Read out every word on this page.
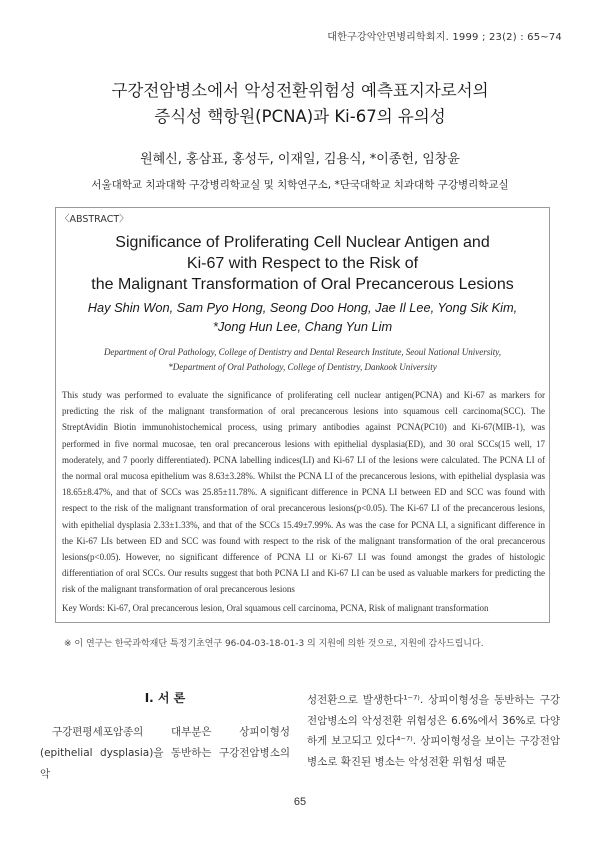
대한구강악안면병리학회지. 1999 ; 23(2) : 65~74
구강전암병소에서 악성전환위험성 예측표지자로서의
증식성 핵항원(PCNA)과 Ki-67의 유의성
원혜신, 홍삼표, 홍성두, 이재일, 김용식, *이종헌, 임창윤
서울대학교 치과대학 구강병리학교실 및 치학연구소, *단국대학교 치과대학 구강병리학교실
〈ABSTRACT〉
Significance of Proliferating Cell Nuclear Antigen and
Ki-67 with Respect to the Risk of
the Malignant Transformation of Oral Precancerous Lesions
Hay Shin Won, Sam Pyo Hong, Seong Doo Hong, Jae Il Lee, Yong Sik Kim,
*Jong Hun Lee, Chang Yun Lim
Department of Oral Pathology, College of Dentistry and Dental Research Institute, Seoul National University,
*Department of Oral Pathology, College of Dentistry, Dankook University

This study was performed to evaluate the significance of proliferating cell nuclear antigen(PCNA) and Ki-67 as markers for predicting the risk of the malignant transformation of oral precancerous lesions into squamous cell carcinoma(SCC). The StreptAvidin Biotin immunohistochemical process, using primary antibodies against PCNA(PC10) and Ki-67(MIB-1), was performed in five normal mucosae, ten oral precancerous lesions with epithelial dysplasia(ED), and 30 oral SCCs(15 well, 17 moderately, and 7 poorly differentiated). PCNA labelling indices(LI) and Ki-67 LI of the lesions were calculated. The PCNA LI of the normal oral mucosa epithelium was 8.63±3.28%. Whilst the PCNA LI of the precancerous lesions, with epithelial dysplasia was 18.65±8.47%, and that of SCCs was 25.85±11.78%. A significant difference in PCNA LI between ED and SCC was found with respect to the risk of the malignant transformation of oral precancerous lesions(p<0.05). The Ki-67 LI of the precancerous lesions, with epithelial dysplasia 2.33±1.33%, and that of the SCCs 15.49±7.99%. As was the case for PCNA LI, a significant difference in the Ki-67 LIs between ED and SCC was found with respect to the risk of the malignant transformation of the oral precancerous lesions(p<0.05). However, no significant difference of PCNA LI or Ki-67 LI was found amongst the grades of histologic differentiation of oral SCCs. Our results suggest that both PCNA LI and Ki-67 LI can be used as valuable markers for predicting the risk of the malignant transformation of oral precancerous lesions

Key Words: Ki-67, Oral precancerous lesion, Oral squamous cell carcinoma, PCNA, Risk of malignant transformation
※ 이 연구는 한국과학재단 특정기초연구 96-04-03-18-01-3 의 지원에 의한 것으로, 지원에 감사드립니다.
I. 서 론

구강편평세포암종의 대부분은 상피이형성(epithelial dysplasia)을 동반하는 구강전암병소의 악

성전환으로 발생한다¹⁻⁷⁾. 상피이형성을 동반하는 구강전암병소의 악성전환 위험성은 6.6%에서 36%로 다양하게 보고되고 있다⁴⁻⁷⁾. 상피이형성을 보이는 구강전암병소로 확진된 병소는 악성전환 위험성 때문

65
